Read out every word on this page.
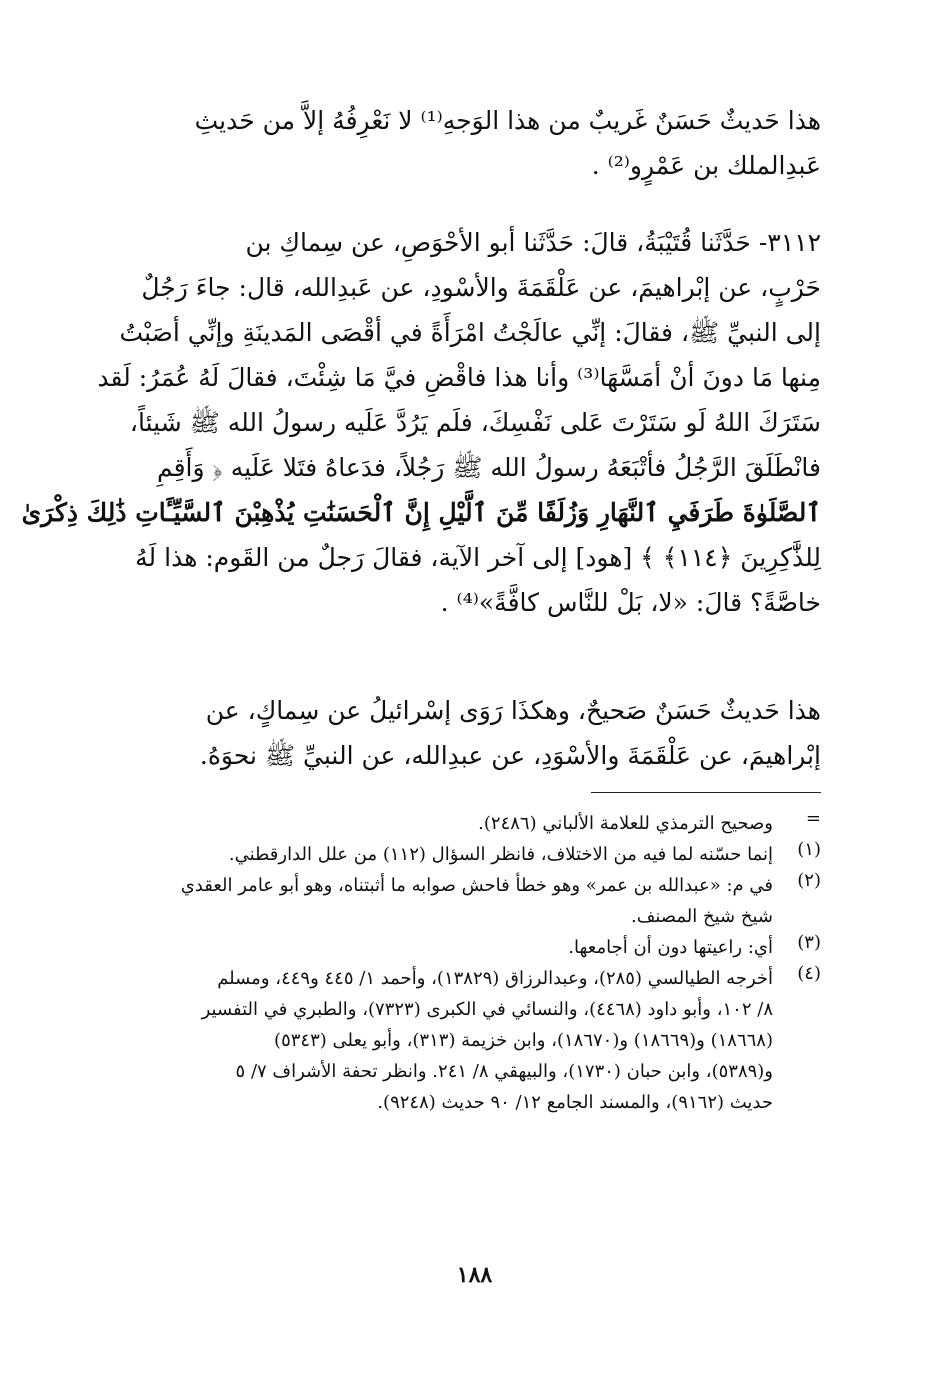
هذا حَديثٌ حَسَنٌ غَريبٌ من هذا الوَجهِ⁽¹⁾ لا نَعْرِفُهُ إلاَّ من حَديثِ
عَبدِالملك بن عَمْرٍو⁽²⁾ .

٣١١٢- حَدَّثَنا قُتَيْبَةُ، قالَ: حَدَّثَنا أبو الأحْوَصِ، عن سِماكِ بن
حَرْبٍ، عن إبْراهيمَ، عن عَلْقَمَةَ والأسْودِ، عن عَبدِالله، قال: جاءَ رَجُلٌ
إلى النبيِّ ﷺ، فقالَ: إنِّي عالَجْتُ امْرَأَةً في أقْصَى المَدينَةِ وإنِّي أصَبْتُ
مِنها مَا دونَ أنْ أمَسَّهَا⁽³⁾ وأنا هذا فاقْضِ فيَّ مَا شِئْتَ، فقالَ لَهُ عُمَرُ: لَقد
سَتَرَكَ اللهُ لَو سَتَرْتَ عَلى نَفْسِكَ، فلَم يَرُدَّ عَلَيه رسولُ الله ﷺ شَيئاً،
فانْطَلَقَ الرَّجُلُ فأتْبَعَهُ رسولُ الله ﷺ رَجُلاً، فدَعاهُ فتَلا عَلَيه ﴿ وَأَقِمِ
ٱلصَّلَوٰةَ طَرَفَيِ ٱلنَّهَارِ وَزُلَفًا مِّنَ ٱلَّيْلِ إِنَّ ٱلْحَسَنَٰتِ يُذْهِبْنَ ٱلسَّيِّـَٔاتِ ذَٰلِكَ ذِكْرَىٰ
لِلذَّٰكِرِينَ ﴿١١٤﴾ ﴾ [هود] إلى آخر الآية، فقالَ رَجلٌ من القَوم: هذا لَهُ
خاصَّةً؟ قالَ: «لا، بَلْ للنَّاس كافَّةً»⁽⁴⁾ .

هذا حَديثٌ حَسَنٌ صَحيحٌ، وهكذَا رَوَى إسْرائيلُ عن سِماكٍ، عن
إبْراهيمَ، عن عَلْقَمَةَ والأسْوَدِ، عن عبدِالله، عن النبيِّ ﷺ نحوَهُ.

=
وصحيح الترمذي للعلامة الألباني (٢٤٨٦).
(١)
إنما حسّنه لما فيه من الاختلاف، فانظر السؤال (١١٢) من علل الدارقطني.
(٢)
في م: «عبدالله بن عمر» وهو خطأ فاحش صوابه ما أثبتناه، وهو أبو عامر العقدي
شيخ شيخ المصنف.
(٣)
أي: راعيتها دون أن أجامعها.
(٤)
أخرجه الطيالسي (٢٨٥)، وعبدالرزاق (١٣٨٢٩)، وأحمد ١/ ٤٤٥ و٤٤٩، ومسلم
٨/ ١٠٢، وأبو داود (٤٤٦٨)، والنسائي في الكبرى (٧٣٢٣)، والطبري في التفسير
(١٨٦٦٨) و(١٨٦٦٩) و(١٨٦٧٠)، وابن خزيمة (٣١٣)، وأبو يعلى (٥٣٤٣)
و(٥٣٨٩)، وابن حبان (١٧٣٠)، والبيهقي ٨/ ٢٤١. وانظر تحفة الأشراف ٧/ ٥
حديث (٩١٦٢)، والمسند الجامع ١٢/ ٩٠ حديث (٩٢٤٨).
١٨٨
